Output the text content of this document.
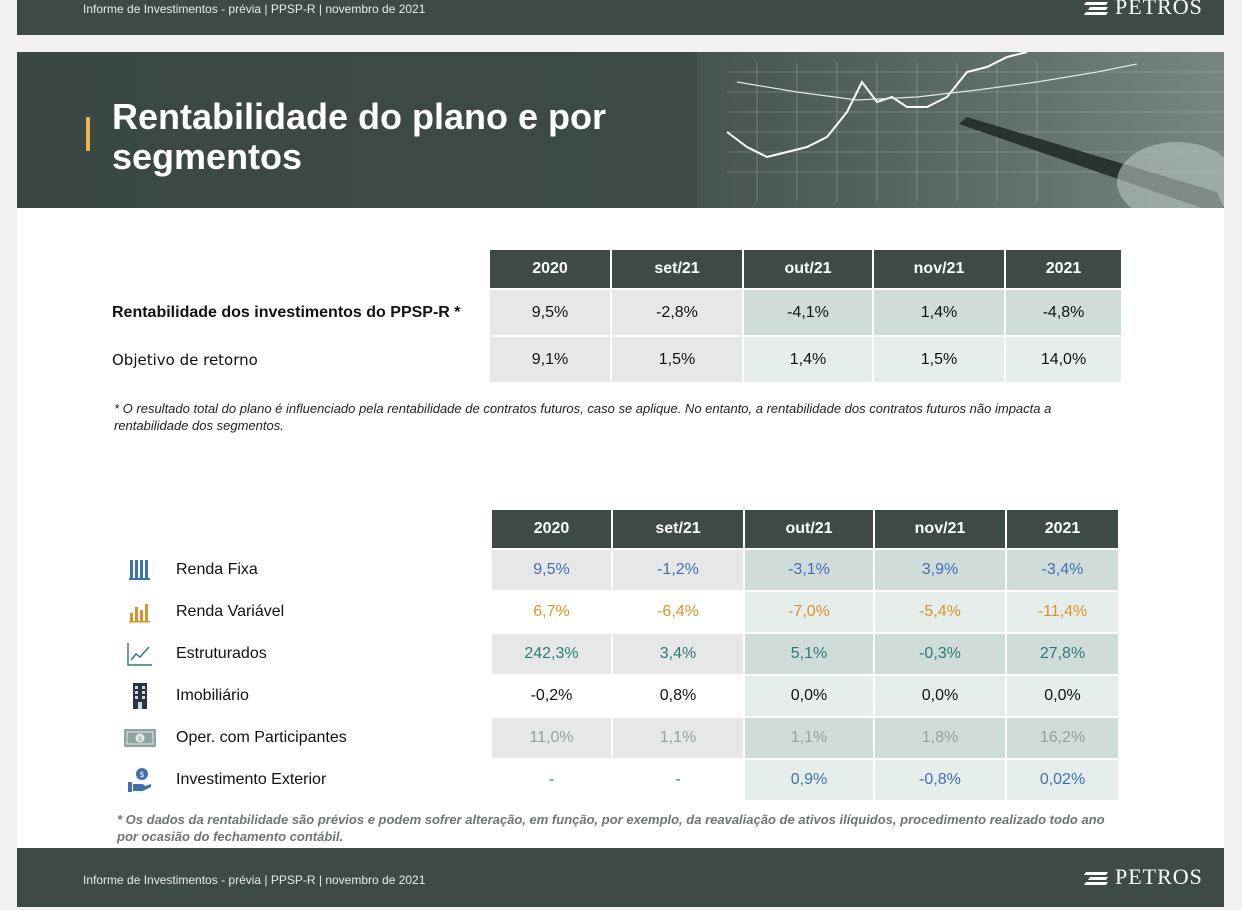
Informe de Investimentos - prévia | PPSP-R | novembro de 2021	PETROS
Rentabilidade do plano e por segmentos
	2020	set/21	out/21	nov/21	2021
Rentabilidade dos investimentos do PPSP-R *	9,5%	-2,8%	-4,1%	1,4%	-4,8%
Objetivo de retorno	9,1%	1,5%	1,4%	1,5%	14,0%
* O resultado total do plano é influenciado pela rentabilidade de contratos futuros, caso se aplique. No entanto, a rentabilidade dos contratos futuros não impacta a rentabilidade dos segmentos.
		2020	set/21	out/21	nov/21	2021

	Renda Fixa	9,5%	-1,2%	-3,1%	3,9%	-3,4%

	Renda Variável	6,7%	-6,4%	-7,0%	-5,4%	-11,4%

	Estruturados	242,3%	3,4%	5,1%	-0,3%	27,8%

	Imobiliário	-0,2%	0,8%	0,0%	0,0%	0,0%

$	Oper. com Participantes	11,0%	1,1%	1,1%	1,8%	16,2%

$	Investimento Exterior	-	-	0,9%	-0,8%	0,02%
* Os dados da rentabilidade são prévios e podem sofrer alteração, em função, por exemplo, da reavaliação de ativos ilíquidos, procedimento realizado todo ano por ocasião do fechamento contábil.
Informe de Investimentos - prévia | PPSP-R | novembro de 2021	PETROS
